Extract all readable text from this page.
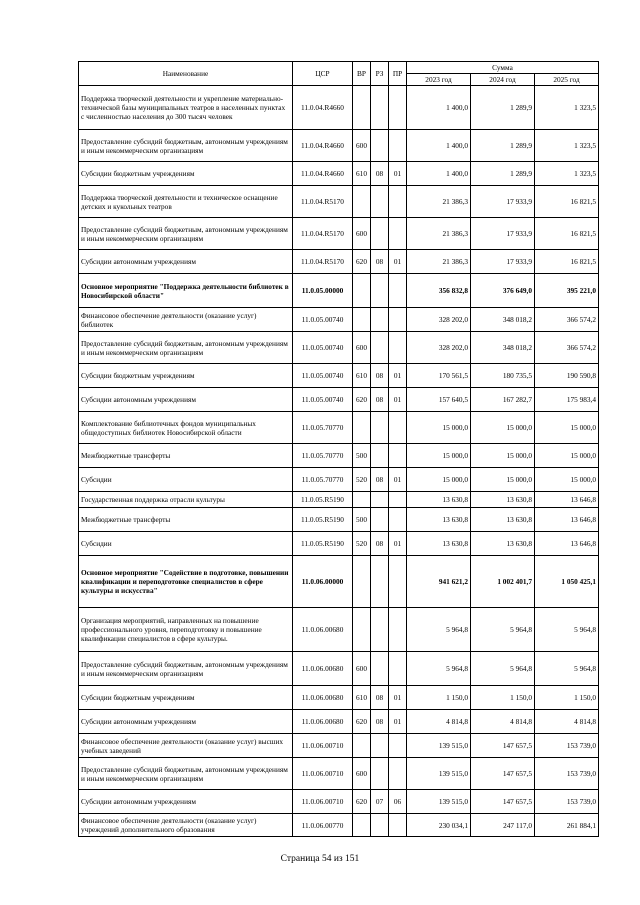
Наименование	ЦСР	ВР	РЗ	ПР	Сумма		
					2023 год	2024 год	2025 год
Поддержка творческой деятельности и укрепление материально-технической базы муниципальных театров в населенных пунктах с численностью населения до 300 тысяч человек	11.0.04.R4660				1 400,0	1 289,9	1 323,5
Предоставление субсидий бюджетным, автономным учреждениям и иным некоммерческим организациям	11.0.04.R4660	600			1 400,0	1 289,9	1 323,5
Субсидии бюджетным учреждениям	11.0.04.R4660	610	08	01	1 400,0	1 289,9	1 323,5
Поддержка творческой деятельности и техническое оснащение детских и кукольных театров	11.0.04.R5170				21 386,3	17 933,9	16 821,5
Предоставление субсидий бюджетным, автономным учреждениям и иным некоммерческим организациям	11.0.04.R5170	600			21 386,3	17 933,9	16 821,5
Субсидии автономным учреждениям	11.0.04.R5170	620	08	01	21 386,3	17 933,9	16 821,5
Основное мероприятие "Поддержка деятельности библиотек в Новосибирской области"	11.0.05.00000				356 832,8	376 649,0	395 221,0
Финансовое обеспечение деятельности (оказание услуг) библиотек	11.0.05.00740				328 202,0	348 018,2	366 574,2
Предоставление субсидий бюджетным, автономным учреждениям и иным некоммерческим организациям	11.0.05.00740	600			328 202,0	348 018,2	366 574,2
Субсидии бюджетным учреждениям	11.0.05.00740	610	08	01	170 561,5	180 735,5	190 590,8
Субсидии автономным учреждениям	11.0.05.00740	620	08	01	157 640,5	167 282,7	175 983,4
Комплектование библиотечных фондов муниципальных общедоступных библиотек Новосибирской области	11.0.05.70770				15 000,0	15 000,0	15 000,0
Межбюджетные трансферты	11.0.05.70770	500			15 000,0	15 000,0	15 000,0
Субсидии	11.0.05.70770	520	08	01	15 000,0	15 000,0	15 000,0
Государственная поддержка отрасли культуры	11.0.05.R5190				13 630,8	13 630,8	13 646,8
Межбюджетные трансферты	11.0.05.R5190	500			13 630,8	13 630,8	13 646,8
Субсидии	11.0.05.R5190	520	08	01	13 630,8	13 630,8	13 646,8
Основное мероприятие "Содействие в подготовке, повышении квалификации и переподготовке специалистов в сфере культуры и искусства"	11.0.06.00000				941 621,2	1 002 401,7	1 050 425,1
Организация мероприятий, направленных на повышение профессионального уровня, переподготовку и повышение квалификации специалистов в сфере культуры.	11.0.06.00680				5 964,8	5 964,8	5 964,8
Предоставление субсидий бюджетным, автономным учреждениям и иным некоммерческим организациям	11.0.06.00680	600			5 964,8	5 964,8	5 964,8
Субсидии бюджетным учреждениям	11.0.06.00680	610	08	01	1 150,0	1 150,0	1 150,0
Субсидии автономным учреждениям	11.0.06.00680	620	08	01	4 814,8	4 814,8	4 814,8
Финансовое обеспечение деятельности (оказание услуг) высших учебных заведений	11.0.06.00710				139 515,0	147 657,5	153 739,0
Предоставление субсидий бюджетным, автономным учреждениям и иным некоммерческим организациям	11.0.06.00710	600			139 515,0	147 657,5	153 739,0
Субсидии автономным учреждениям	11.0.06.00710	620	07	06	139 515,0	147 657,5	153 739,0
Финансовое обеспечение деятельности (оказание услуг) учреждений дополнительного образования	11.0.06.00770				230 034,1	247 117,0	261 884,1
Страница 54 из 151
